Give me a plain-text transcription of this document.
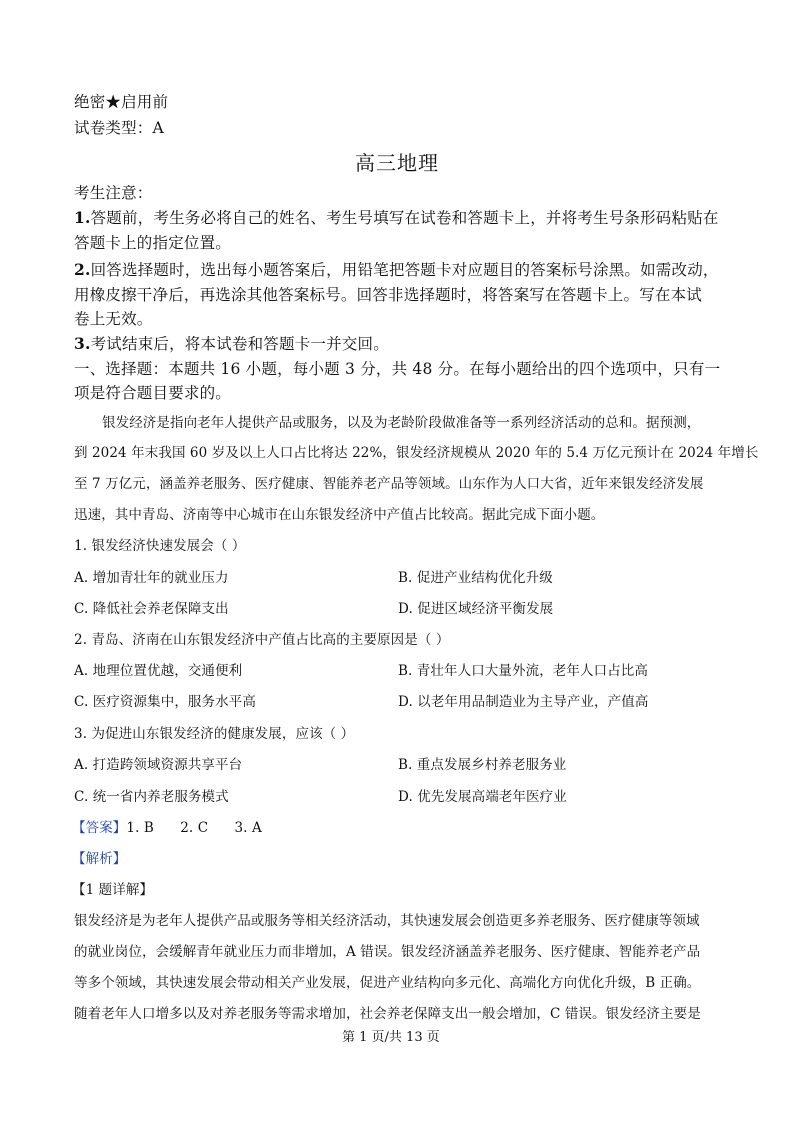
绝密★启用前
试卷类型：A
高三地理
考生注意：
1.答题前，考生务必将自己的姓名、考生号填写在试卷和答题卡上，并将考生号条形码粘贴在
答题卡上的指定位置。
2.回答选择题时，选出每小题答案后，用铅笔把答题卡对应题目的答案标号涂黑。如需改动，
用橡皮擦干净后，再选涂其他答案标号。回答非选择题时，将答案写在答题卡上。写在本试
卷上无效。
3.考试结束后，将本试卷和答题卡一并交回。
一、选择题：本题共 16 小题，每小题 3 分，共 48 分。在每小题给出的四个选项中，只有一
项是符合题目要求的。
银发经济是指向老年人提供产品或服务，以及为老龄阶段做准备等一系列经济活动的总和。据预测，
到 2024 年末我国 60 岁及以上人口占比将达 22%，银发经济规模从 2020 年的 5.4 万亿元预计在 2024 年增长
至 7 万亿元，涵盖养老服务、医疗健康、智能养老产品等领域。山东作为人口大省，近年来银发经济发展
迅速，其中青岛、济南等中心城市在山东银发经济中产值占比较高。据此完成下面小题。
1. 银发经济快速发展会（ ）
A. 增加青壮年的就业压力	B. 促进产业结构优化升级
C. 降低社会养老保障支出	D. 促进区域经济平衡发展
2. 青岛、济南在山东银发经济中产值占比高的主要原因是（ ）
A. 地理位置优越，交通便利	B. 青壮年人口大量外流，老年人口占比高
C. 医疗资源集中，服务水平高	D. 以老年用品制造业为主导产业，产值高
3. 为促进山东银发经济的健康发展，应该（ ）
A. 打造跨领域资源共享平台	B. 重点发展乡村养老服务业
C. 统一省内养老服务模式	D. 优先发展高端老年医疗业
【答案】1. B      2. C      3. A
【解析】
【1 题详解】
银发经济是为老年人提供产品或服务等相关经济活动，其快速发展会创造更多养老服务、医疗健康等领域
的就业岗位，会缓解青年就业压力而非增加，A 错误。银发经济涵盖养老服务、医疗健康、智能养老产品
等多个领域，其快速发展会带动相关产业发展，促进产业结构向多元化、高端化方向优化升级，B 正确。
随着老年人口增多以及对养老服务等需求增加，社会养老保障支出一般会增加，C 错误。银发经济主要是
第 1 页/共 13 页
